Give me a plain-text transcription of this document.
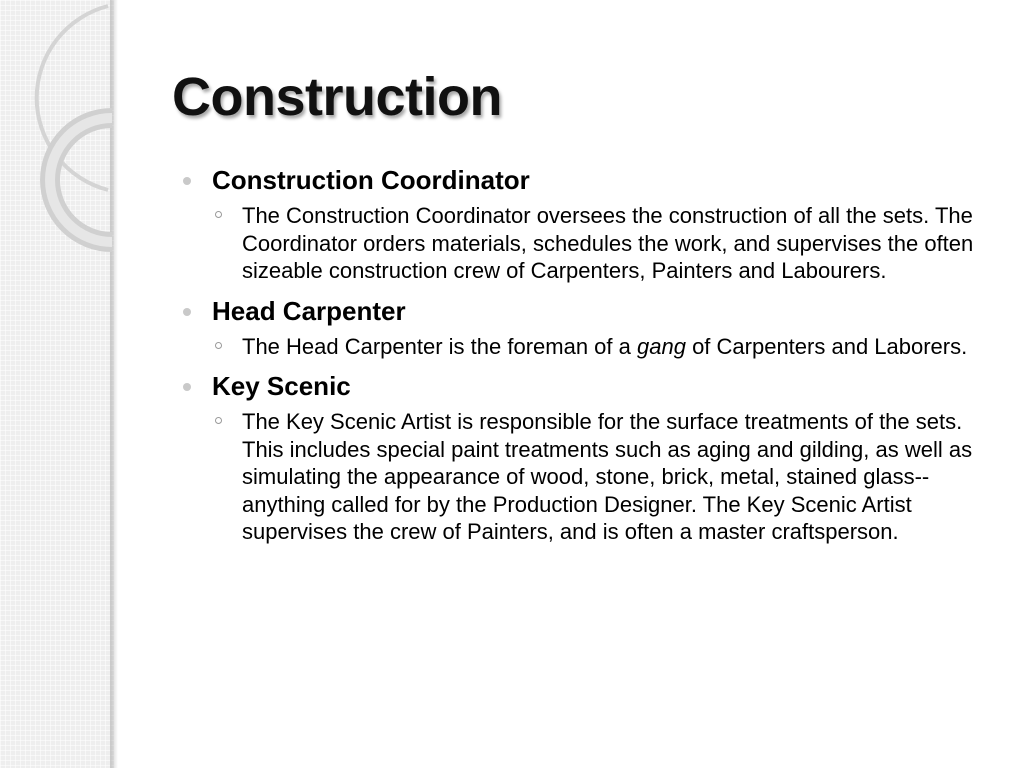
Construction
Construction Coordinator
The Construction Coordinator oversees the construction of all the sets. The Coordinator orders materials, schedules the work, and supervises the often sizeable construction crew of Carpenters, Painters and Labourers.
Head Carpenter
The Head Carpenter is the foreman of a gang of Carpenters and Laborers.
Key Scenic
The Key Scenic Artist is responsible for the surface treatments of the sets. This includes special paint treatments such as aging and gilding, as well as simulating the appearance of wood, stone, brick, metal, stained glass--anything called for by the Production Designer. The Key Scenic Artist supervises the crew of Painters, and is often a master craftsperson.
